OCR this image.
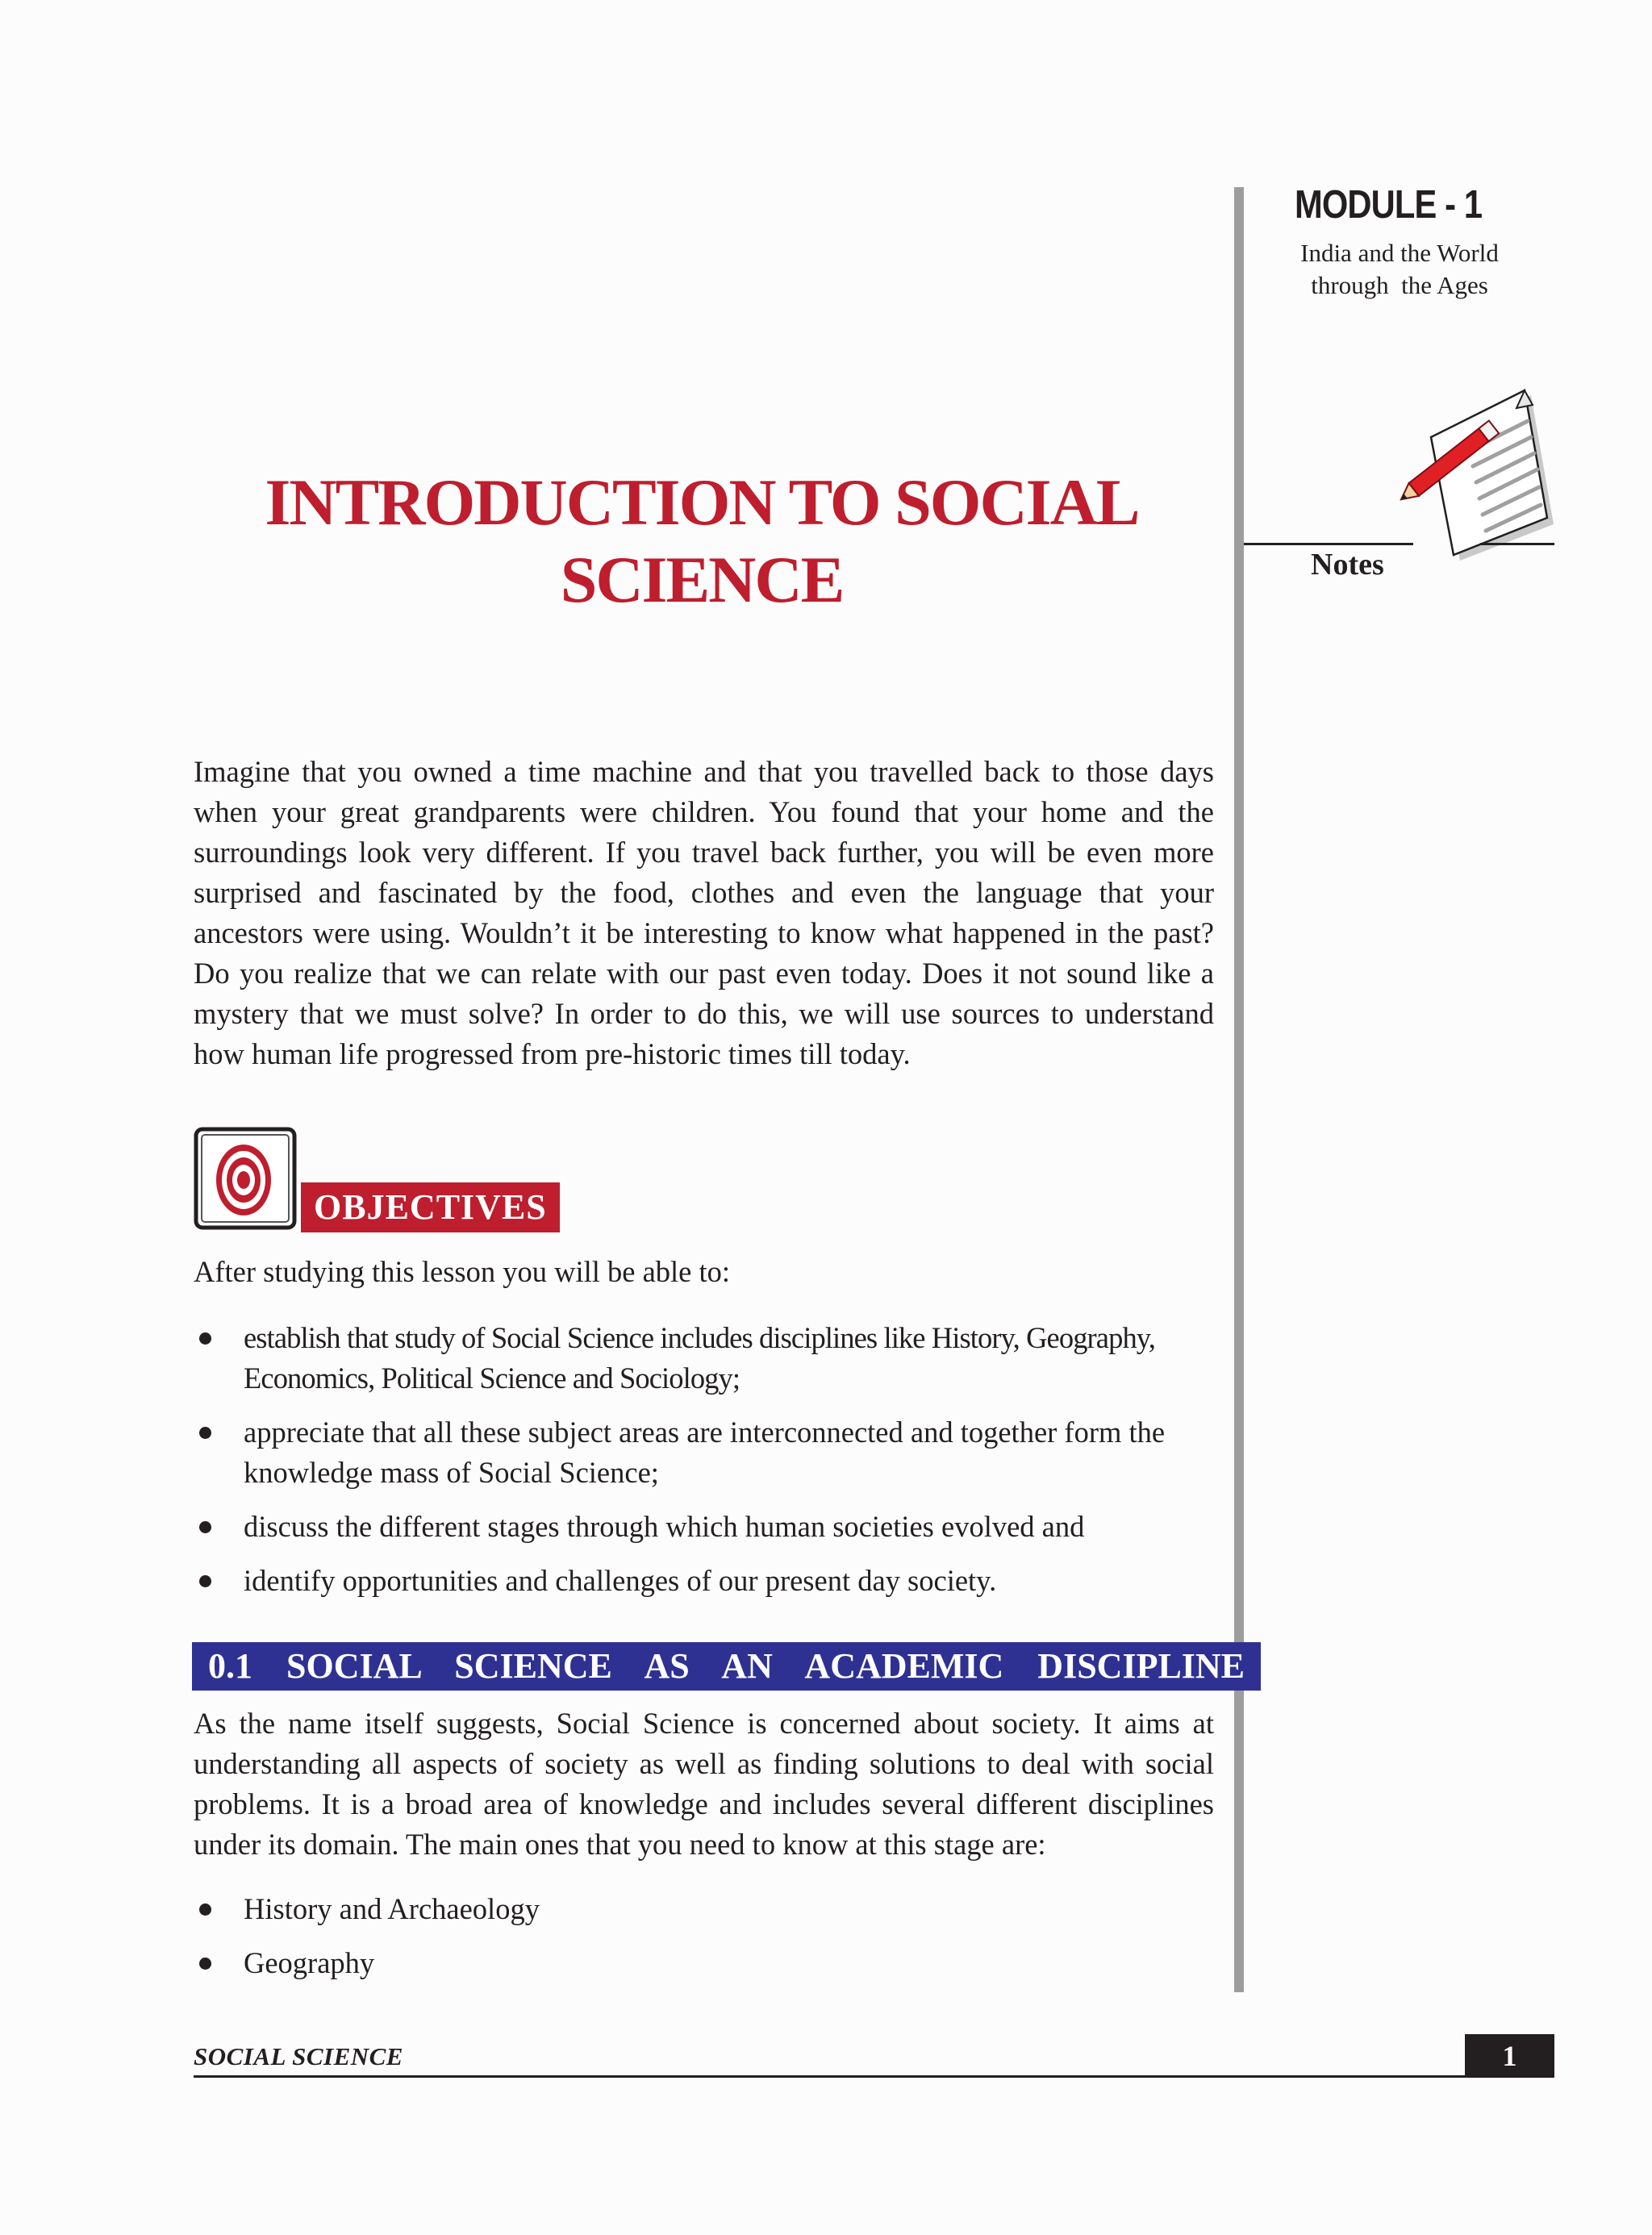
MODULE - 1
India and the World
through  the Ages
Notes
INTRODUCTION TO SOCIAL
SCIENCE
Imagine that you owned a time machine and that you travelled back to those days when your great grandparents were children. You found that your home and the surroundings look very different. If you travel back further, you will be even more surprised and fascinated by the food, clothes and even the language that your ancestors were using. Wouldn’t it be interesting to know what happened in the past? Do you realize that we can relate with our past even today. Does it not sound like a mystery that we must solve? In order to do this, we will use sources to understand how human life progressed from pre-historic times till today.
OBJECTIVES
After studying this lesson you will be able to:
establish that study of Social Science includes disciplines like History, Geography, Economics, Political Science and Sociology;
appreciate that all these subject areas are interconnected and together form the knowledge mass of Social Science;
discuss the different stages through which human societies evolved and
identify opportunities and challenges of our present day society.
0.1  SOCIAL  SCIENCE  AS  AN  ACADEMIC  DISCIPLINE
As the name itself suggests, Social Science is concerned about society. It aims at understanding all aspects of society as well as finding solutions to deal with social problems. It is a broad area of knowledge and includes several different disciplines under its domain. The main ones that you need to know at this stage are:
History and Archaeology
Geography
SOCIAL SCIENCE	1
